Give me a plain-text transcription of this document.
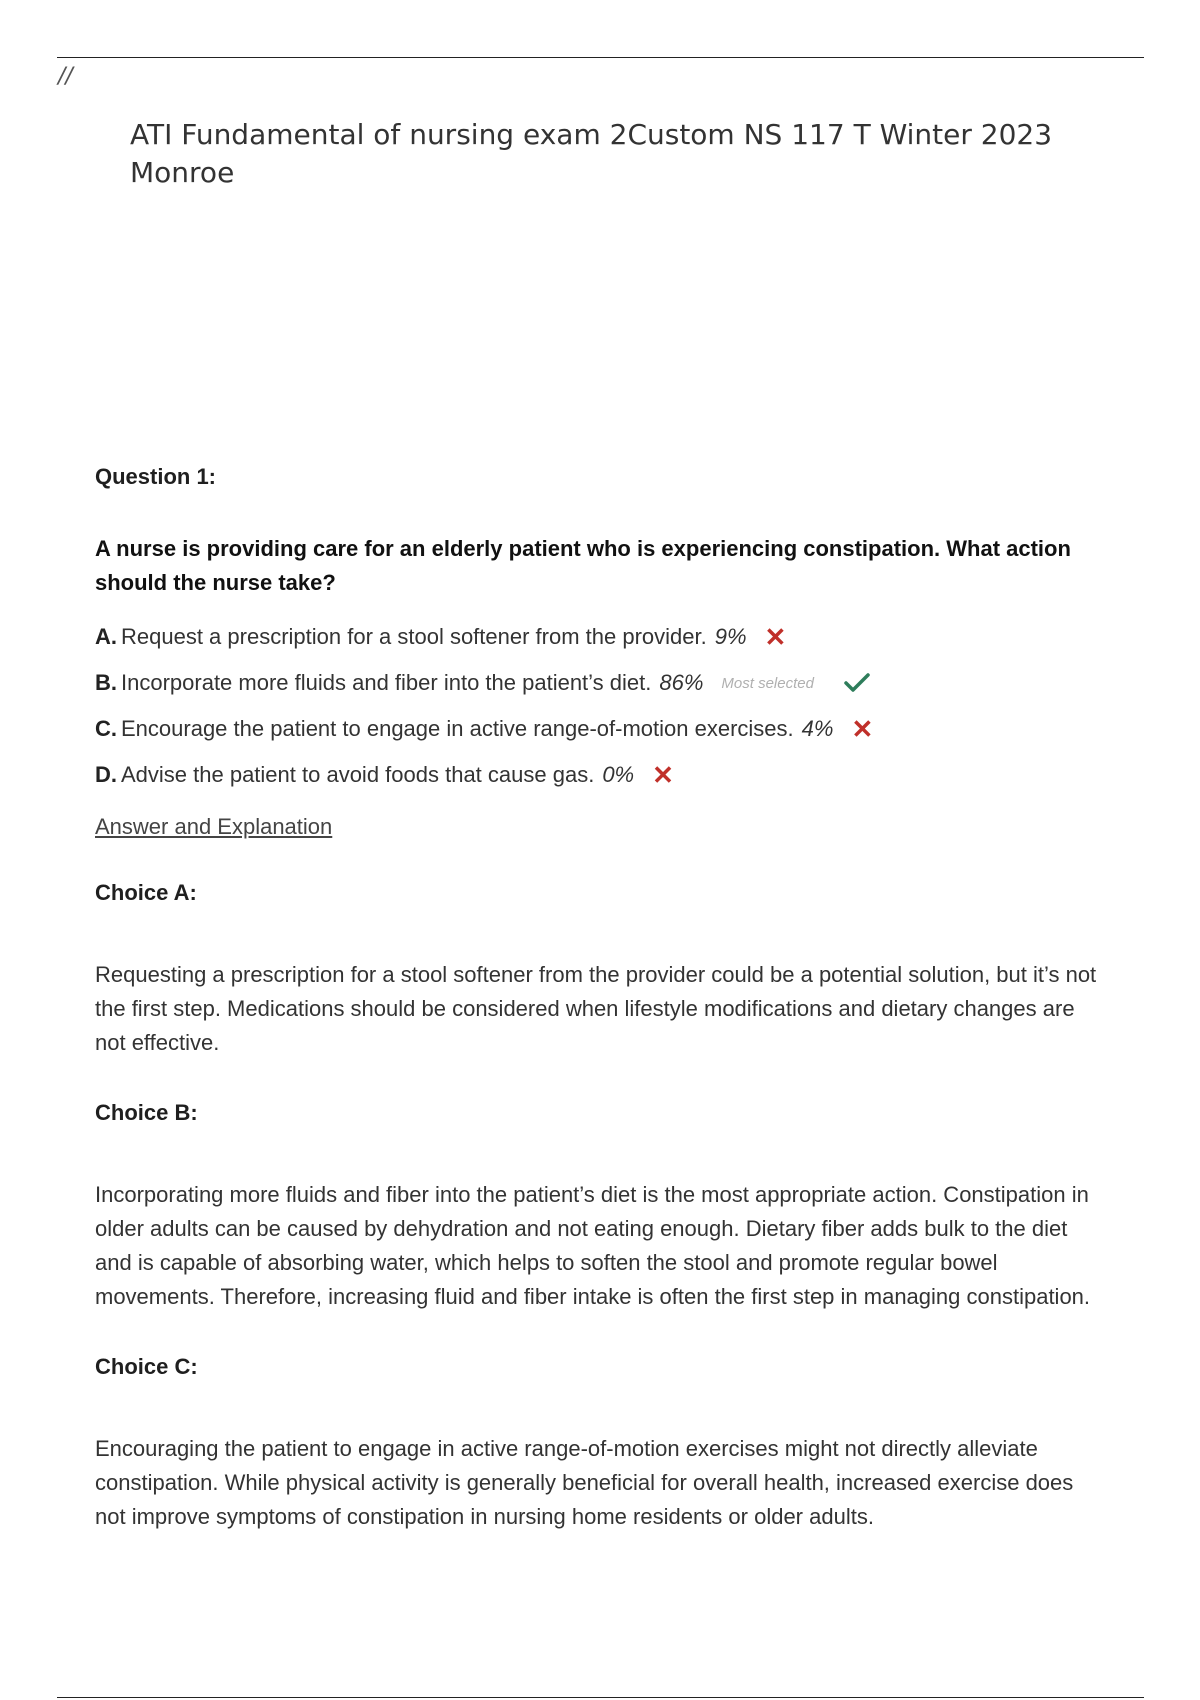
//
ATI Fundamental of nursing exam 2Custom NS 117 T Winter 2023 Monroe

Question 1:

A nurse is providing care for an elderly patient who is experiencing constipation. What action should the nurse take?

A. Request a prescription for a stool softener from the provider. 9% ✕
B. Incorporate more fluids and fiber into the patient’s diet. 86% Most selected
C. Encourage the patient to engage in active range-of-motion exercises. 4% ✕
D. Advise the patient to avoid foods that cause gas. 0% ✕
Answer and Explanation

Choice A:

Requesting a prescription for a stool softener from the provider could be a potential solution, but it’s not the first step. Medications should be considered when lifestyle modifications and dietary changes are not effective.

Choice B:

Incorporating more fluids and fiber into the patient’s diet is the most appropriate action. Constipation in older adults can be caused by dehydration and not eating enough. Dietary fiber adds bulk to the diet and is capable of absorbing water, which helps to soften the stool and promote regular bowel movements. Therefore, increasing fluid and fiber intake is often the first step in managing constipation.

Choice C:

Encouraging the patient to engage in active range-of-motion exercises might not directly alleviate constipation. While physical activity is generally beneficial for overall health, increased exercise does not improve symptoms of constipation in nursing home residents or older adults.
